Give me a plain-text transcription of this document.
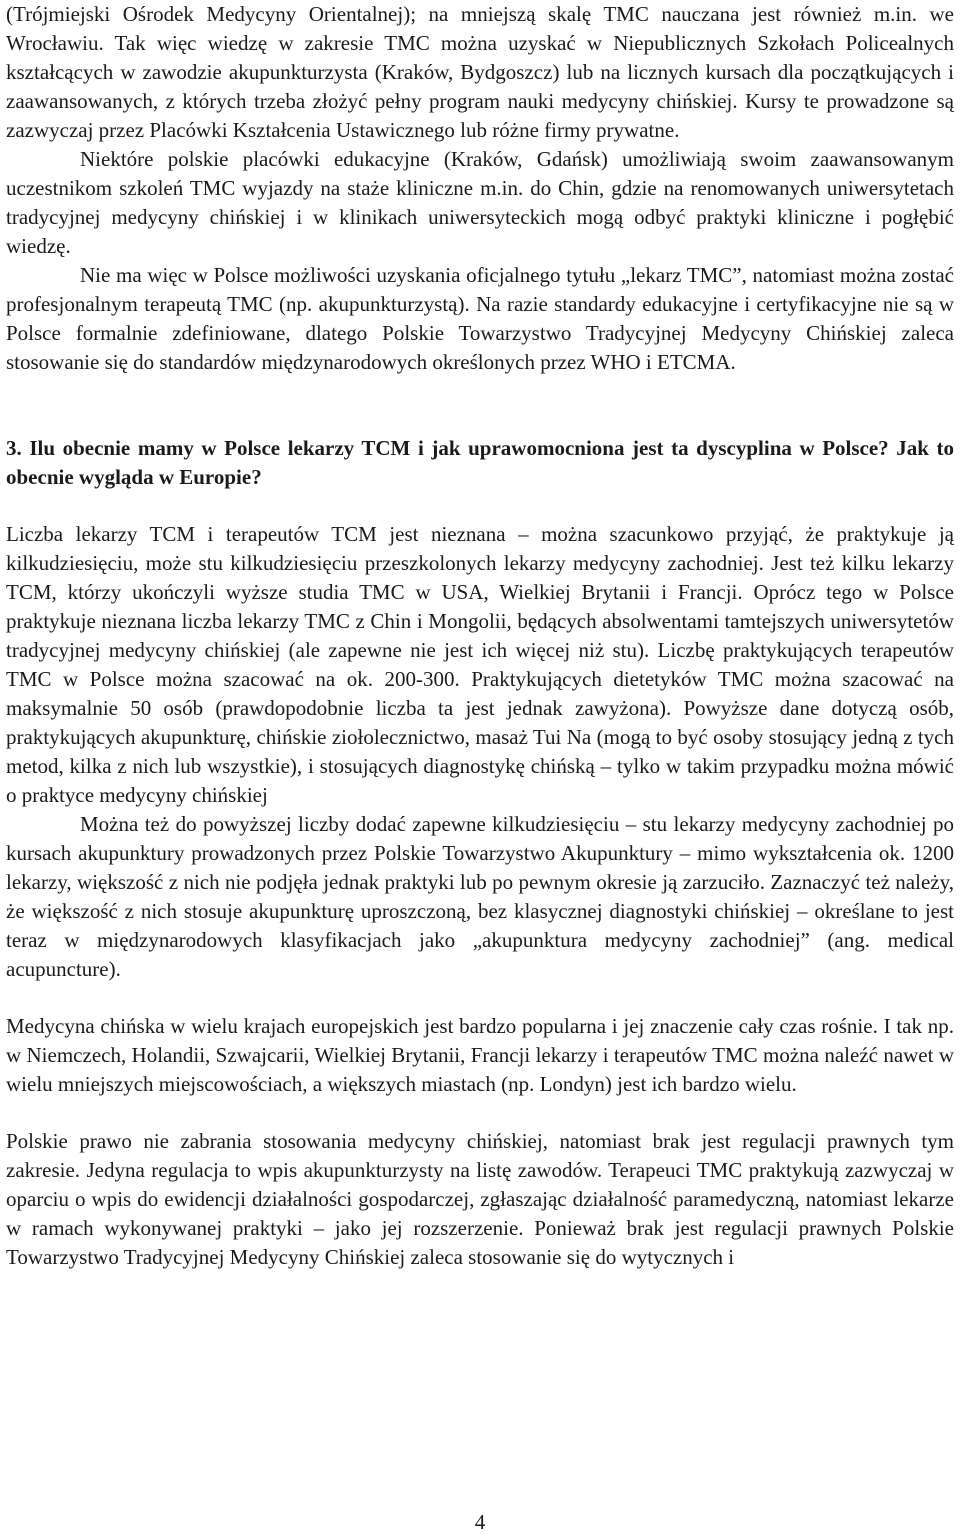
(Trójmiejski Ośrodek Medycyny Orientalnej); na mniejszą skalę TMC nauczana jest również m.in. we Wrocławiu. Tak więc wiedzę w zakresie TMC można uzyskać w Niepublicznych Szkołach Policealnych kształcących w zawodzie akupunkturzysta (Kraków, Bydgoszcz) lub na licznych kursach dla początkujących i zaawansowanych, z których trzeba złożyć pełny program nauki medycyny chińskiej. Kursy te prowadzone są zazwyczaj przez Placówki Kształcenia Ustawicznego lub różne firmy prywatne.

Niektóre polskie placówki edukacyjne (Kraków, Gdańsk) umożliwiają swoim zaawansowanym uczestnikom szkoleń TMC wyjazdy na staże kliniczne m.in. do Chin, gdzie na renomowanych uniwersytetach tradycyjnej medycyny chińskiej i w klinikach uniwersyteckich mogą odbyć praktyki kliniczne i pogłębić wiedzę.

Nie ma więc w Polsce możliwości uzyskania oficjalnego tytułu „lekarz TMC”, natomiast można zostać profesjonalnym terapeutą TMC (np. akupunkturzystą). Na razie standardy edukacyjne i certyfikacyjne nie są w Polsce formalnie zdefiniowane, dlatego Polskie Towarzystwo Tradycyjnej Medycyny Chińskiej zaleca stosowanie się do standardów międzynarodowych określonych przez WHO i ETCMA.

3. Ilu obecnie mamy w Polsce lekarzy TCM i jak uprawomocniona jest ta dyscyplina w Polsce? Jak to obecnie wygląda w Europie?

Liczba lekarzy TCM i terapeutów TCM jest nieznana – można szacunkowo przyjąć, że praktykuje ją kilkudziesięciu, może stu kilkudziesięciu przeszkolonych lekarzy medycyny zachodniej. Jest też kilku lekarzy TCM, którzy ukończyli wyższe studia TMC w USA, Wielkiej Brytanii i Francji. Oprócz tego w Polsce praktykuje nieznana liczba lekarzy TMC z Chin i Mongolii, będących absolwentami tamtejszych uniwersytetów tradycyjnej medycyny chińskiej (ale zapewne nie jest ich więcej niż stu). Liczbę praktykujących terapeutów TMC w Polsce można szacować na ok. 200-300. Praktykujących dietetyków TMC można szacować na maksymalnie 50 osób (prawdopodobnie liczba ta jest jednak zawyżona). Powyższe dane dotyczą osób, praktykujących akupunkturę, chińskie ziołolecznictwo, masaż Tui Na (mogą to być osoby stosujący jedną z tych metod, kilka z nich lub wszystkie), i stosujących diagnostykę chińską – tylko w takim przypadku można mówić o praktyce medycyny chińskiej

Można też do powyższej liczby dodać zapewne kilkudziesięciu – stu lekarzy medycyny zachodniej po kursach akupunktury prowadzonych przez Polskie Towarzystwo Akupunktury – mimo wykształcenia ok. 1200 lekarzy, większość z nich nie podjęła jednak praktyki lub po pewnym okresie ją zarzuciło. Zaznaczyć też należy, że większość z nich stosuje akupunkturę uproszczoną, bez klasycznej diagnostyki chińskiej – określane to jest teraz w międzynarodowych klasyfikacjach jako „akupunktura medycyny zachodniej” (ang. medical acupuncture).

Medycyna chińska w wielu krajach europejskich jest bardzo popularna i jej znaczenie cały czas rośnie. I tak np. w Niemczech, Holandii, Szwajcarii, Wielkiej Brytanii, Francji lekarzy i terapeutów TMC można naleźć nawet w wielu mniejszych miejscowościach, a większych miastach (np. Londyn) jest ich bardzo wielu.

Polskie prawo nie zabrania stosowania medycyny chińskiej, natomiast brak jest regulacji prawnych tym zakresie. Jedyna regulacja to wpis akupunkturzysty na listę zawodów. Terapeuci TMC praktykują zazwyczaj w oparciu o wpis do ewidencji działalności gospodarczej, zgłaszając działalność paramedyczną, natomiast lekarze w ramach wykonywanej praktyki – jako jej rozszerzenie. Ponieważ brak jest regulacji prawnych Polskie Towarzystwo Tradycyjnej Medycyny Chińskiej zaleca stosowanie się do wytycznych i

4
